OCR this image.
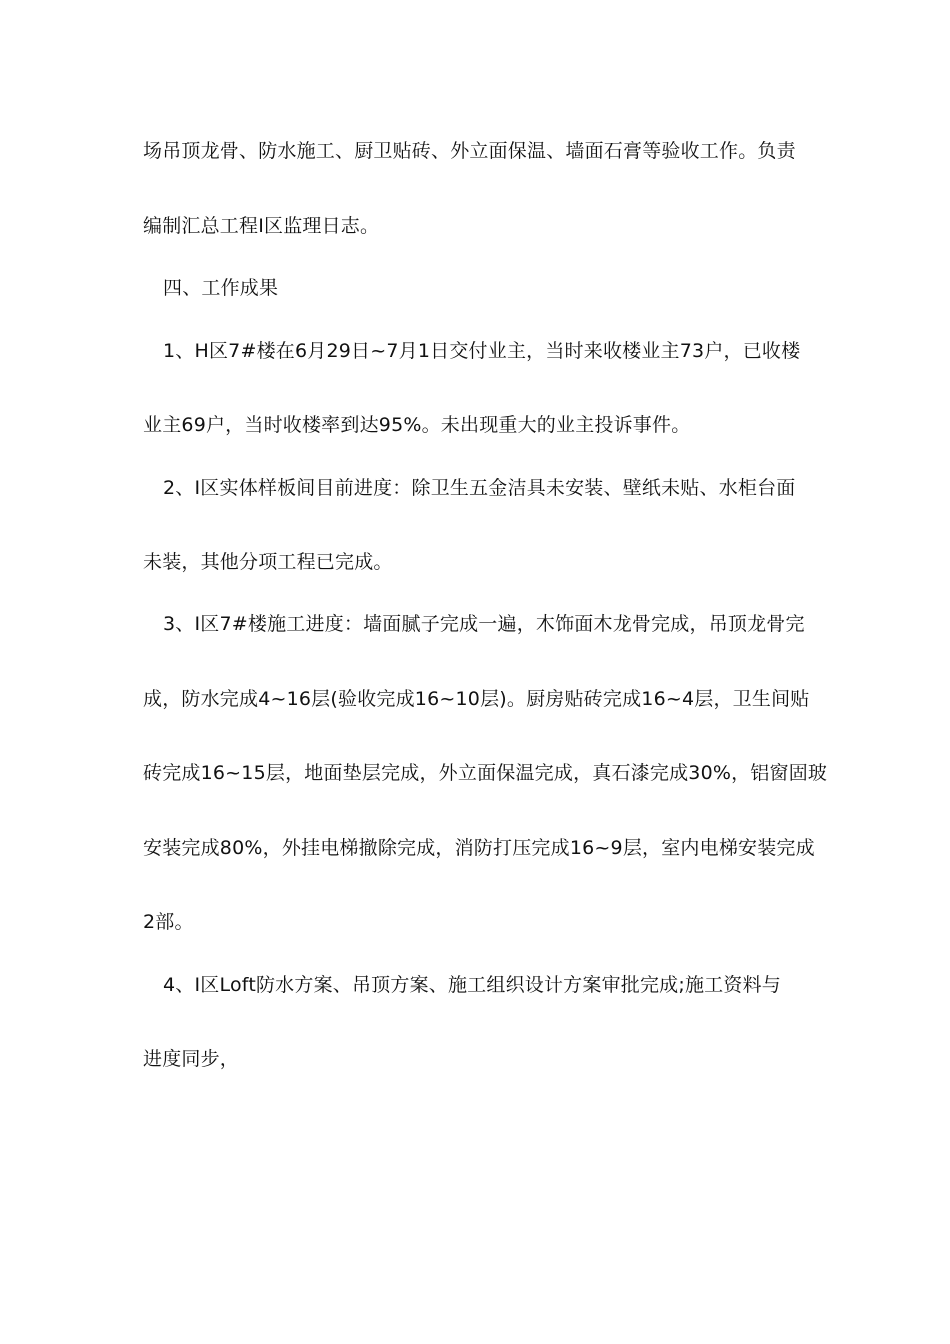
场吊顶龙骨、防水施工、厨卫贴砖、外立面保温、墙面石膏等验收工作。负责
编制汇总工程Ⅰ区监理日志。
四、工作成果
1、H区7#楼在6月29日~7月1日交付业主，当时来收楼业主73户，已收楼
业主69户，当时收楼率到达95%。未出现重大的业主投诉事件。
2、Ⅰ区实体样板间目前进度：除卫生五金洁具未安装、壁纸未贴、水柜台面
未装，其他分项工程已完成。
3、Ⅰ区7#楼施工进度：墙面腻子完成一遍，木饰面木龙骨完成，吊顶龙骨完
成，防水完成4~16层(验收完成16~10层)。厨房贴砖完成16~4层，卫生间贴
砖完成16~15层，地面垫层完成，外立面保温完成，真石漆完成30%，铝窗固玻
安装完成80%，外挂电梯撤除完成，消防打压完成16~9层，室内电梯安装完成
2部。
4、Ⅰ区Loft防水方案、吊顶方案、施工组织设计方案审批完成;施工资料与
进度同步，
